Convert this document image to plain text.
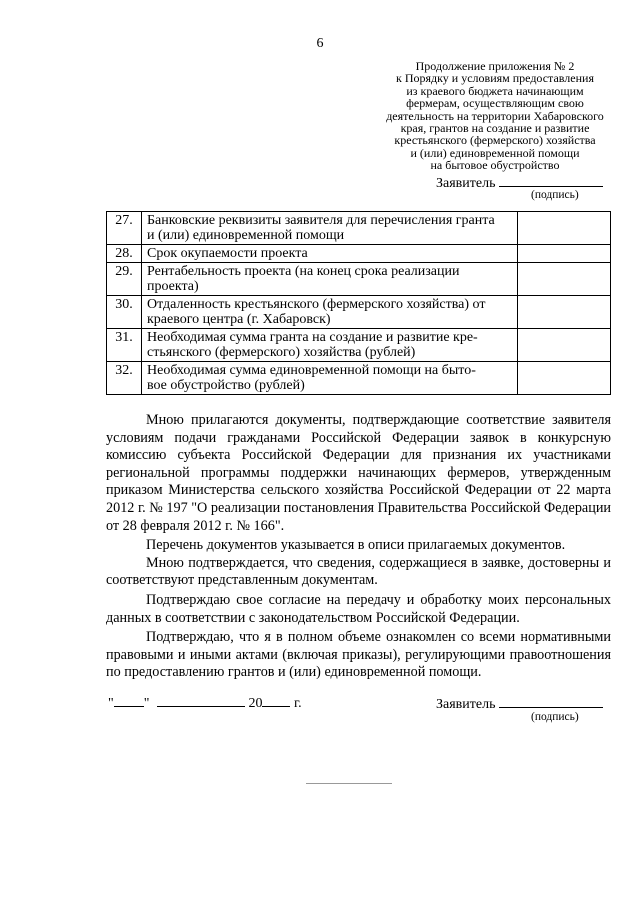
6
Продолжение приложения № 2
к Порядку и условиям предоставления
из краевого бюджета начинающим
фермерам, осуществляющим свою
деятельность на территории Хабаровского
края, грантов на создание и развитие
крестьянского (фермерского) хозяйства
и (или) единовременной помощи
на бытовое обустройство
Заявитель
(подпись)
27.	Банковские реквизиты заявителя для перечисления гранта
и (или) единовременной помощи	

28.	Срок окупаемости проекта	

29.	Рентабельность проекта (на конец срока реализации
проекта)	

30.	Отдаленность крестьянского (фермерского хозяйства) от
краевого центра (г. Хабаровск)	

31.	Необходимая сумма гранта на создание и развитие кре-
стьянского (фермерского) хозяйства (рублей)	

32.	Необходимая сумма единовременной помощи на быто-
вое обустройство (рублей)	

Мною прилагаются документы, подтверждающие соответствие заявителя условиям подачи гражданами Российской Федерации заявок в конкурсную комиссию субъекта Российской Федерации для признания их участниками региональной программы поддержки начинающих фермеров, утвержденным приказом Министерства сельского хозяйства Российской Федерации от 22 марта 2012 г. № 197 "О реализации постановления Правительства Российской Федерации от 28 февраля 2012 г. № 166".

Перечень документов указывается в описи прилагаемых документов.

Мною подтверждается, что сведения, содержащиеся в заявке, достоверны и соответствуют представленным документам.

Подтверждаю свое согласие на передачу и обработку моих персональных данных в соответствии с законодательством Российской Федерации.

Подтверждаю, что я в полном объеме ознакомлен со всеми нормативными правовыми и иными актами (включая приказы), регулирующими правоотношения по предоставлению грантов и (или) единовременной помощи.

" "	20 г.	Заявитель
(подпись)
